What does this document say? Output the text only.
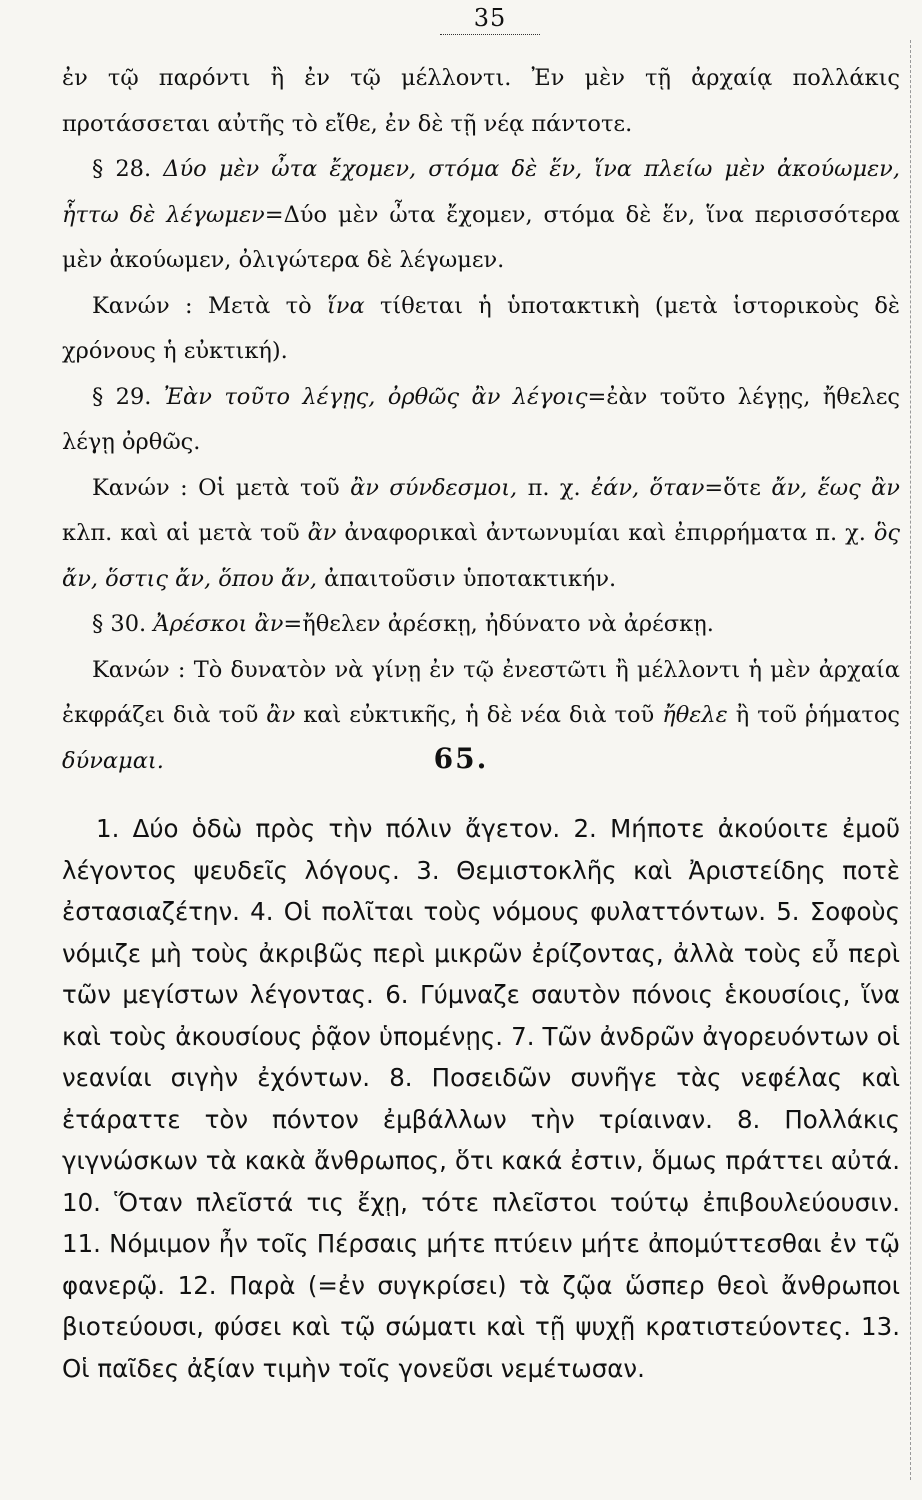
35

ἐν τῷ παρόντι ἢ ἐν τῷ μέλλοντι. Ἐν μὲν τῇ ἀρχαίᾳ πολλάκις προτάσσεται αὐτῆς τὸ εἴθε, ἐν δὲ τῇ νέᾳ πάντοτε.

§ 28. Δύο μὲν ὦτα ἔχομεν, στόμα δὲ ἕν, ἵνα πλείω μὲν ἀκούωμεν, ἧττω δὲ λέγωμεν=Δύο μὲν ὦτα ἔχομεν, στόμα δὲ ἕν, ἵνα περισσότερα μὲν ἀκούωμεν, ὀλιγώτερα δὲ λέγωμεν.

Κανών : Μετὰ τὸ ἵνα τίθεται ἡ ὑποτακτικὴ (μετὰ ἱστορικοὺς δὲ χρόνους ἡ εὐκτική).

§ 29. Ἐὰν τοῦτο λέγῃς, ὀρθῶς ἂν λέγοις=ἐὰν τοῦτο λέγῃς, ἤθελες λέγῃ ὀρθῶς.

Κανών : Οἱ μετὰ τοῦ ἂν σύνδεσμοι, π. χ. ἐάν, ὅταν=ὅτε ἄν, ἕως ἂν κλπ. καὶ αἱ μετὰ τοῦ ἂν ἀναφορικαὶ ἀντωνυμίαι καὶ ἐπιρρήματα π. χ. ὃς ἄν, ὅστις ἄν, ὅπου ἄν, ἀπαιτοῦσιν ὑποτακτικήν.

§ 30. Ἀρέσκοι ἂν=ἤθελεν ἀρέσκῃ, ἠδύνατο νὰ ἀρέσκῃ.

Κανών : Τὸ δυνατὸν νὰ γίνῃ ἐν τῷ ἐνεστῶτι ἢ μέλλοντι ἡ μὲν ἀρχαία ἐκφράζει διὰ τοῦ ἂν καὶ εὐκτικῆς, ἡ δὲ νέα διὰ τοῦ ἤθελε ἢ τοῦ ῥήματος δύναμαι.	65.

1. Δύο ὁδὼ πρὸς τὴν πόλιν ἄγετον. 2. Μήποτε ἀκούοιτε ἐμοῦ λέγοντος ψευδεῖς λόγους. 3. Θεμιστοκλῆς καὶ Ἀριστείδης ποτὲ ἐστασιαζέτην. 4. Οἱ πολῖται τοὺς νόμους φυλαττόντων. 5. Σοφοὺς νόμιζε μὴ τοὺς ἀκριβῶς περὶ μικρῶν ἐρίζοντας, ἀλλὰ τοὺς εὖ περὶ τῶν μεγίστων λέγοντας. 6. Γύμναζε σαυτὸν πόνοις ἑκουσίοις, ἵνα καὶ τοὺς ἀκουσίους ῥᾷον ὑπομένῃς. 7. Τῶν ἀνδρῶν ἀγορευόντων οἱ νεανίαι σιγὴν ἐχόντων. 8. Ποσειδῶν συνῆγε τὰς νεφέλας καὶ ἐτάραττε τὸν πόντον ἐμβάλλων τὴν τρίαιναν. 8. Πολλάκις γιγνώσκων τὰ κακὰ ἄνθρωπος, ὅτι κακά ἐστιν, ὅμως πράττει αὐτά. 10. Ὅταν πλεῖστά τις ἔχῃ, τότε πλεῖστοι τούτῳ ἐπιβουλεύουσιν. 11. Νόμιμον ἦν τοῖς Πέρσαις μήτε πτύειν μήτε ἀπομύττεσθαι ἐν τῷ φανερῷ. 12. Παρὰ (=ἐν συγκρίσει) τὰ ζῷα ὥσπερ θεοὶ ἄνθρωποι βιοτεύουσι, φύσει καὶ τῷ σώματι καὶ τῇ ψυχῇ κρατιστεύοντες. 13. Οἱ παῖδες ἀξίαν τιμὴν τοῖς γονεῦσι νεμέτωσαν.
